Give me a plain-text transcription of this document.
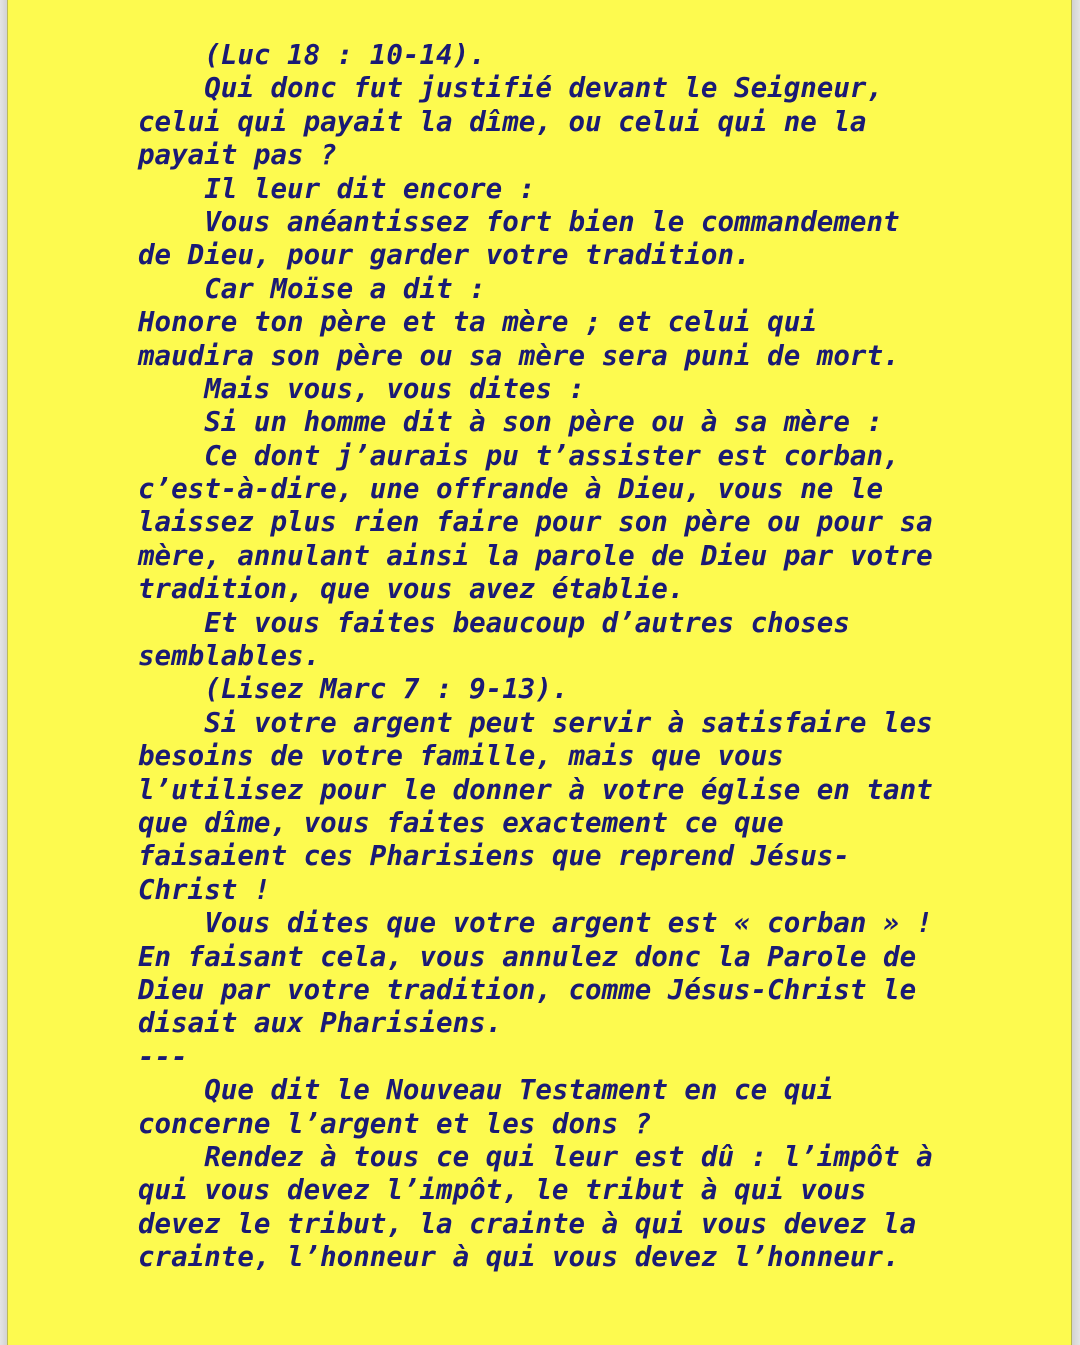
(Luc 18 : 10-14).
Qui donc fut justifié devant le Seigneur,
celui qui payait la dîme, ou celui qui ne la
payait pas ?
Il leur dit encore :
Vous anéantissez fort bien le commandement
de Dieu, pour garder votre tradition.
Car Moïse a dit :
Honore ton père et ta mère ; et celui qui
maudira son père ou sa mère sera puni de mort.
Mais vous, vous dites :
Si un homme dit à son père ou à sa mère :
Ce dont j’aurais pu t’assister est corban,
c’est-à-dire, une offrande à Dieu, vous ne le
laissez plus rien faire pour son père ou pour sa
mère, annulant ainsi la parole de Dieu par votre
tradition, que vous avez établie.
Et vous faites beaucoup d’autres choses
semblables.
(Lisez Marc 7 : 9-13).
Si votre argent peut servir à satisfaire les
besoins de votre famille, mais que vous
l’utilisez pour le donner à votre église en tant
que dîme, vous faites exactement ce que
faisaient ces Pharisiens que reprend Jésus-
Christ !
Vous dites que votre argent est « corban » !
En faisant cela, vous annulez donc la Parole de
Dieu par votre tradition, comme Jésus-Christ le
disait aux Pharisiens.
---
Que dit le Nouveau Testament en ce qui
concerne l’argent et les dons ?
Rendez à tous ce qui leur est dû : l’impôt à
qui vous devez l’impôt, le tribut à qui vous
devez le tribut, la crainte à qui vous devez la
crainte, l’honneur à qui vous devez l’honneur.
